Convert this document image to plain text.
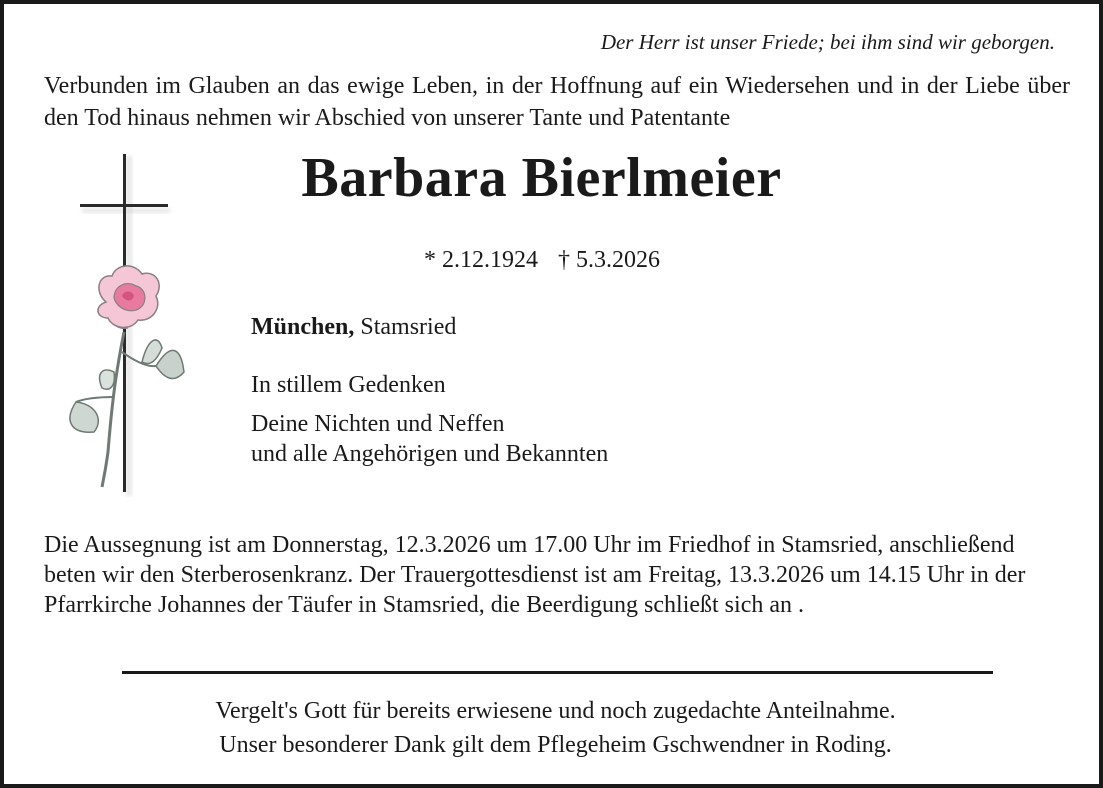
Der Herr ist unser Friede; bei ihm sind wir geborgen.
Verbunden im Glauben an das ewige Leben, in der Hoffnung auf ein Wiedersehen und in der Liebe über den Tod hinaus nehmen wir Abschied von unserer Tante und Patentante
Barbara Bierlmeier
* 2.12.1924 † 5.3.2026
München, Stamsried
In stillem Gedenken
Deine Nichten und Neffen
und alle Angehörigen und Bekannten
Die Aussegnung ist am Donnerstag, 12.3.2026 um 17.00 Uhr im Friedhof in Stamsried, anschließend beten wir den Sterberosenkranz. Der Trauergottesdienst ist am Freitag, 13.3.2026 um 14.15 Uhr in der Pfarrkirche Johannes der Täufer in Stamsried, die Beerdigung schließt sich an .
Vergelt's Gott für bereits erwiesene und noch zugedachte Anteilnahme.
Unser besonderer Dank gilt dem Pflegeheim Gschwendner in Roding.
